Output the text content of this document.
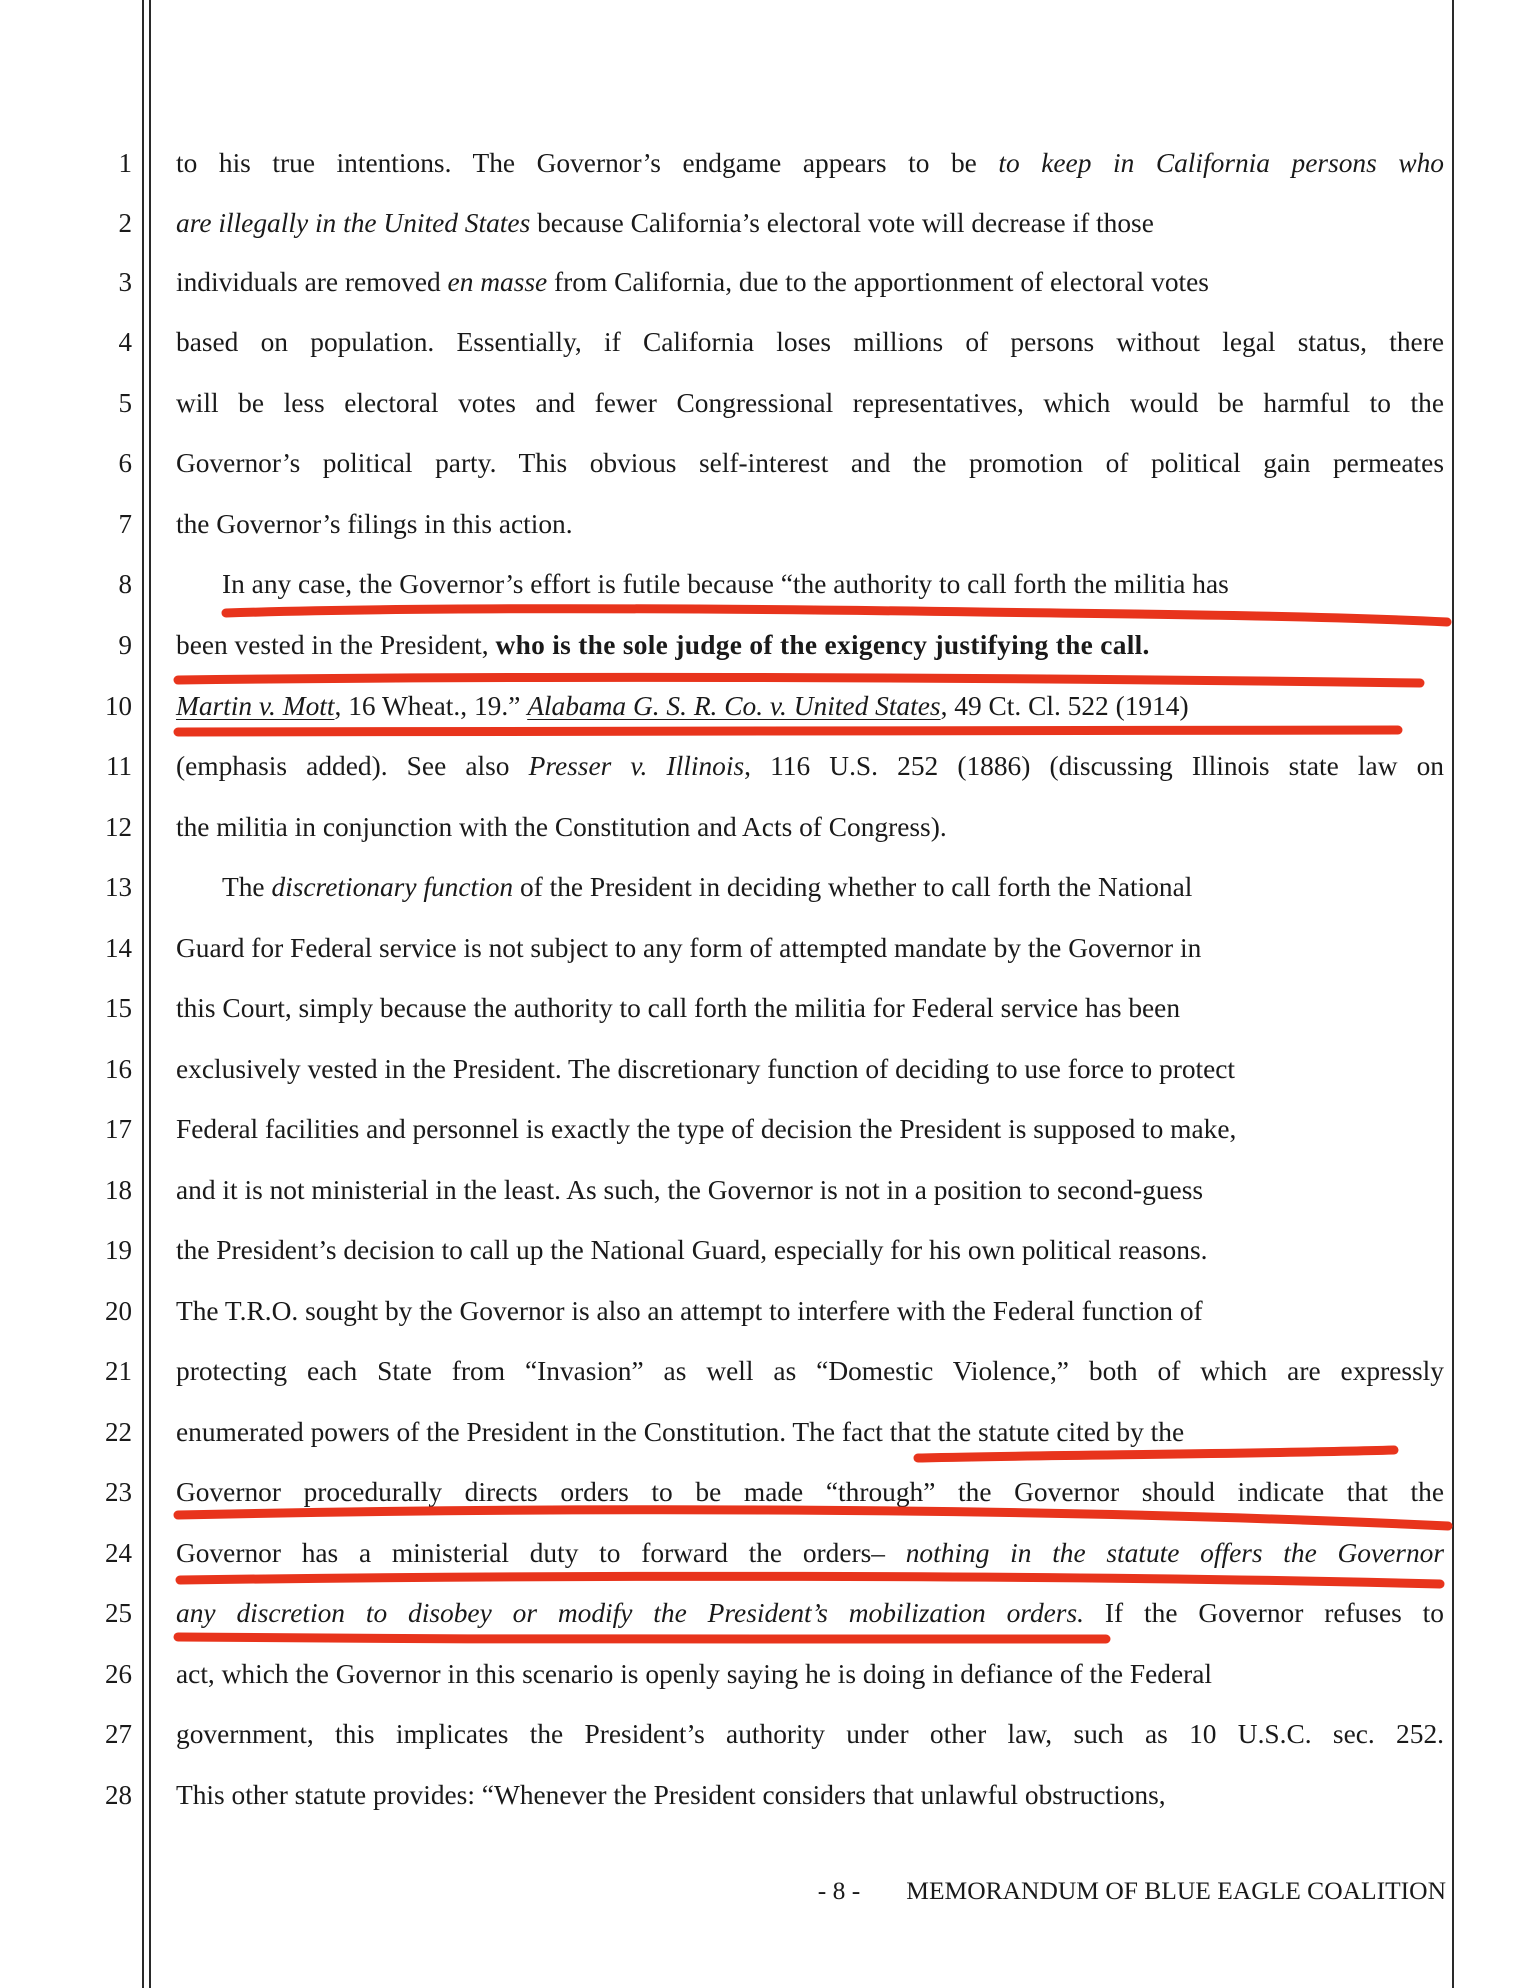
1
2
3
4
5
6
7
8
9
10
11
12
13
14
15
16
17
18
19
20
21
22
23
24
25
26
27
28
to his true intentions. The Governor’s endgame appears to be to keep in California persons who
are illegally in the United States because California’s electoral vote will decrease if those
individuals are removed en masse from California, due to the apportionment of electoral votes
based on population. Essentially, if California loses millions of persons without legal status, there
will be less electoral votes and fewer Congressional representatives, which would be harmful to the
Governor’s political party. This obvious self-interest and the promotion of political gain permeates
the Governor’s filings in this action.
In any case, the Governor’s effort is futile because “the authority to call forth the militia has
been vested in the President, who is the sole judge of the exigency justifying the call.
Martin v. Mott, 16 Wheat., 19.” Alabama G. S. R. Co. v. United States, 49 Ct. Cl. 522 (1914)
(emphasis added). See also Presser v. Illinois, 116 U.S. 252 (1886) (discussing Illinois state law on
the militia in conjunction with the Constitution and Acts of Congress).
The discretionary function of the President in deciding whether to call forth the National
Guard for Federal service is not subject to any form of attempted mandate by the Governor in
this Court, simply because the authority to call forth the militia for Federal service has been
exclusively vested in the President. The discretionary function of deciding to use force to protect
Federal facilities and personnel is exactly the type of decision the President is supposed to make,
and it is not ministerial in the least. As such, the Governor is not in a position to second-guess
the President’s decision to call up the National Guard, especially for his own political reasons.
The T.R.O. sought by the Governor is also an attempt to interfere with the Federal function of
protecting each State from “Invasion” as well as “Domestic Violence,” both of which are expressly
enumerated powers of the President in the Constitution. The fact that the statute cited by the
Governor procedurally directs orders to be made “through” the Governor should indicate that the
Governor has a ministerial duty to forward the orders– nothing in the statute offers the Governor
any discretion to disobey or modify the President’s mobilization orders. If the Governor refuses to
act, which the Governor in this scenario is openly saying he is doing in defiance of the Federal
government, this implicates the President’s authority under other law, such as 10 U.S.C. sec. 252.
This other statute provides: “Whenever the President considers that unlawful obstructions,
- 8 - MEMORANDUM OF BLUE EAGLE COALITION
